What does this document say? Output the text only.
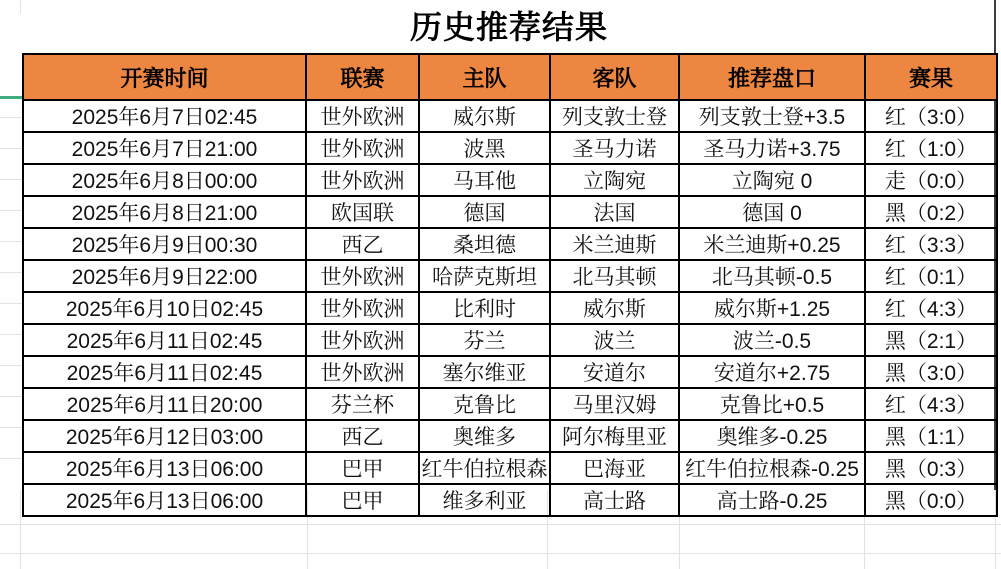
历史推荐结果
开赛时间	联赛	主队	客队	推荐盘口	赛果
2025年6月7日02:45	世外欧洲	威尔斯	列支敦士登	列支敦士登+3.5	红（3:0）
2025年6月7日21:00	世外欧洲	波黑	圣马力诺	圣马力诺+3.75	红（1:0）
2025年6月8日00:00	世外欧洲	马耳他	立陶宛	立陶宛 0	走（0:0）
2025年6月8日21:00	欧国联	德国	法国	德国 0	黑（0:2）
2025年6月9日00:30	西乙	桑坦德	米兰迪斯	米兰迪斯+0.25	红（3:3）
2025年6月9日22:00	世外欧洲	哈萨克斯坦	北马其顿	北马其顿-0.5	红（0:1）
2025年6月10日02:45	世外欧洲	比利时	威尔斯	威尔斯+1.25	红（4:3）
2025年6月11日02:45	世外欧洲	芬兰	波兰	波兰-0.5	黑（2:1）
2025年6月11日02:45	世外欧洲	塞尔维亚	安道尔	安道尔+2.75	黑（3:0）
2025年6月11日20:00	芬兰杯	克鲁比	马里汉姆	克鲁比+0.5	红（4:3）
2025年6月12日03:00	西乙	奥维多	阿尔梅里亚	奥维多-0.25	黑（1:1）
2025年6月13日06:00	巴甲	红牛伯拉根森	巴海亚	红牛伯拉根森-0.25	黑（0:3）
2025年6月13日06:00	巴甲	维多利亚	高士路	高士路-0.25	黑（0:0）
